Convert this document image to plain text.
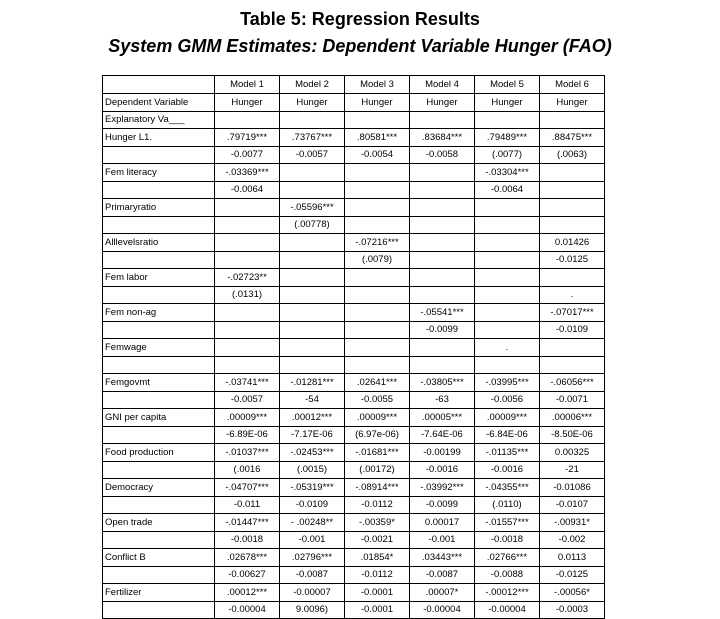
Table 5: Regression Results
System GMM Estimates: Dependent Variable Hunger (FAO)
	Model 1	Model 2	Model 3	Model 4	Model 5	Model 6
Dependent Variable	Hunger	Hunger	Hunger	Hunger	Hunger	Hunger
Explanatory Va___						
Hunger L1.	.79719***	.73767***	.80581***	.83684***	.79489***	.88475***
	-0.0077	-0.0057	-0.0054	-0.0058	(.0077)	(.0063)
Fem literacy	-.03369***				-.03304***	
	-0.0064				-0.0064	
Primaryratio		-.05596***				
		(.00778)				
Alllevelsratio			-.07216***			0.01426
			(.0079)			-0.0125
Fem labor	-.02723**					
	(.0131)					.
Fem non-ag				-.05541***		-.07017***
				-0.0099		-0.0109
Femwage					.	

Femgovmt	-.03741***	-.01281***	.02641***	-.03805***	-.03995***	-.06056***
	-0.0057	-54	-0.0055	-63	-0.0056	-0.0071
GNI per capita	.00009***	.00012***	.00009***	.00005***	.00009***	.00006***
	-6.89E-06	-7.17E-06	(6.97e-06)	-7.64E-06	-6.84E-06	-8.50E-06
Food production	-.01037***	-.02453***	-.01681***	-0.00199	-.01135***	0.00325
	(.0016	(.0015)	(.00172)	-0.0016	-0.0016	-21
Democracy	-.04707***	-.05319***	-.08914***	-.03992***	-.04355***	-0.01086
	-0.011	-0.0109	-0.0112	-0.0099	(.0110)	-0.0107
Open trade	-.01447***	- .00248**	-.00359*	0.00017	-.01557***	-.00931*
	-0.0018	-0.001	-0.0021	-0.001	-0.0018	-0.002
Conflict B	.02678***	.02796***	.01854*	.03443***	.02766***	0.0113
	-0.00627	-0.0087	-0.0112	-0.0087	-0.0088	-0.0125
Fertilizer	.00012***	-0.00007	-0.0001	.00007*	-.00012***	-.00056*
	-0.00004	9.0096)	-0.0001	-0.00004	-0.00004	-0.0003
